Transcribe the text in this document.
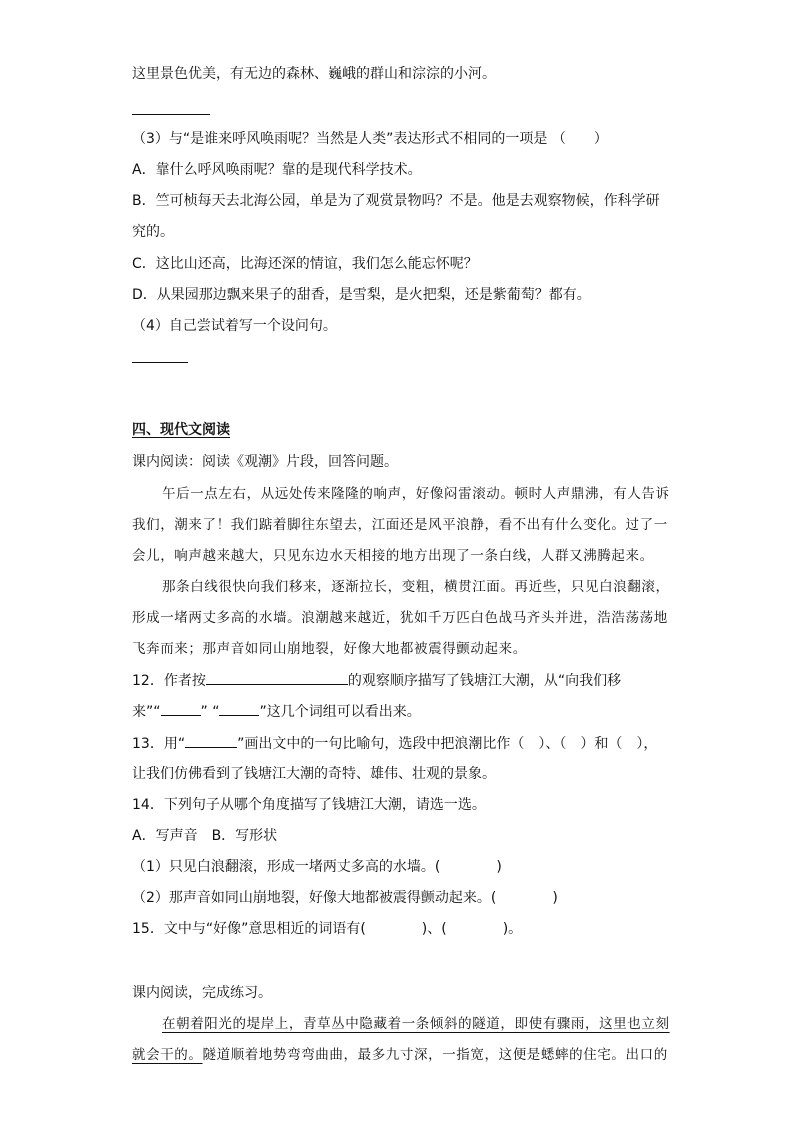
这里景色优美，有无边的森林、巍峨的群山和淙淙的小河。
（3）与“是谁来呼风唤雨呢？当然是人类”表达形式不相同的一项是 （　　）
A．靠什么呼风唤雨呢？靠的是现代科学技术。
B．竺可桢每天去北海公园，单是为了观赏景物吗？不是。他是去观察物候，作科学研
究的。
C．这比山还高，比海还深的情谊，我们怎么能忘怀呢？
D．从果园那边飘来果子的甜香，是雪梨，是火把梨，还是紫葡萄？都有。
（4）自己尝试着写一个设问句。
四、现代文阅读
课内阅读：阅读《观潮》片段，回答问题。
午后一点左右，从远处传来隆隆的响声，好像闷雷滚动。顿时人声鼎沸，有人告诉
我们，潮来了！我们踮着脚往东望去，江面还是风平浪静，看不出有什么变化。过了一
会儿，响声越来越大，只见东边水天相接的地方出现了一条白线，人群又沸腾起来。
那条白线很快向我们移来，逐渐拉长，变粗，横贯江面。再近些，只见白浪翻滚，
形成一堵两丈多高的水墙。浪潮越来越近，犹如千万匹白色战马齐头并进，浩浩荡荡地
飞奔而来；那声音如同山崩地裂，好像大地都被震得颤动起来。
12．作者按	的观察顺序描写了钱塘江大潮，从“向我们移
来”“	” “	”这几个词组可以看出来。
13．用“	”画出文中的一句比喻句，选段中把浪潮比作（　）、（　）和（　），
让我们仿佛看到了钱塘江大潮的奇特、雄伟、壮观的景象。
14．下列句子从哪个角度描写了钱塘江大潮，请选一选。
A．写声音　B．写形状
（1）只见白浪翻滚，形成一堵两丈多高的水墙。(　　　　)
（2）那声音如同山崩地裂，好像大地都被震得颤动起来。(　　　　)
15．文中与“好像”意思相近的词语有(　　　　)、(　　　　)。
课内阅读，完成练习。
在朝着阳光的堤岸上，青草丛中隐藏着一条倾斜的隧道，即使有骤雨，这里也立刻
就会干的。隧道顺着地势弯弯曲曲，最多九寸深，一指宽，这便是蟋蟀的住宅。出口的
